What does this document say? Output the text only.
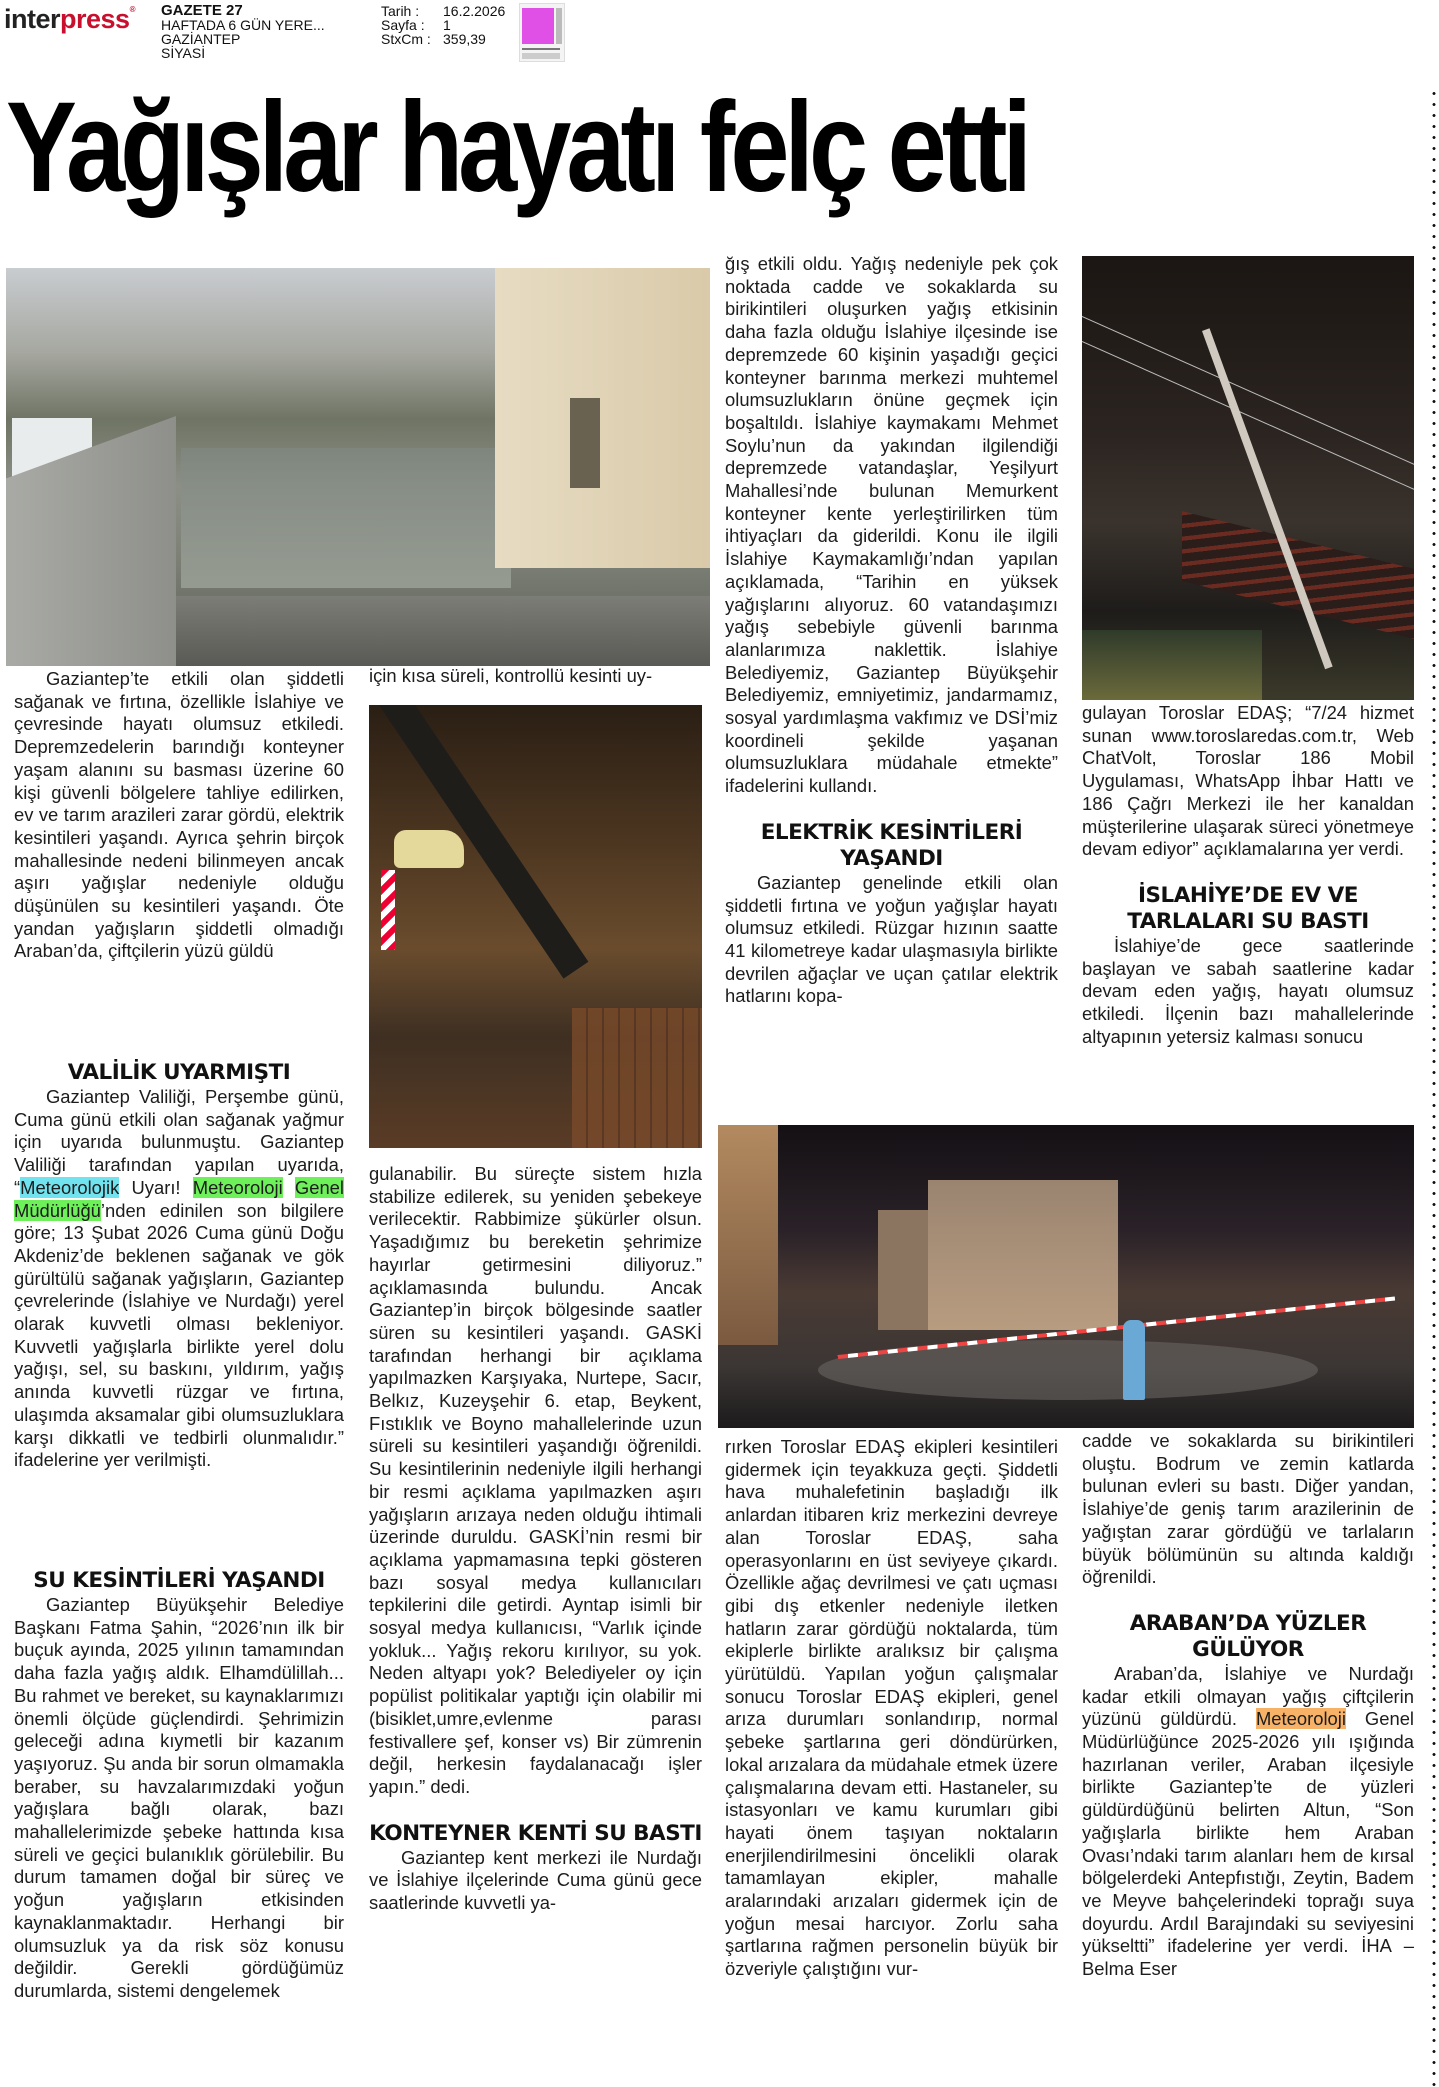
interpress® GAZETE 27
HAFTADA 6 GÜN YERE...
GAZİANTEP
SİYASİ
Tarih :	16.2.2026
Sayfa :	1
StxCm : 359,39
Yağışlar hayatı felç etti

Gaziantep’te etkili olan şiddetli sağanak ve fırtına, özellikle İslahiye ve çevresinde hayatı olumsuz etkiledi. Depremzedelerin barındığı konteyner yaşam alanını su basması üzerine 60 kişi güvenli bölgelere tahliye edilirken, ev ve tarım arazileri zarar gördü, elektrik kesintileri yaşandı. Ayrıca şehrin birçok mahallesinde nedeni bilinmeyen ancak aşırı yağışlar nedeniyle olduğu düşünülen su kesintileri yaşandı. Öte yandan yağışların şiddetli olmadığı Araban’da, çiftçilerin yüzü güldü

VALİLİK UYARMIŞTI

Gaziantep Valiliği, Perşembe günü, Cuma günü etkili olan sağanak yağmur için uyarıda bulunmuştu. Gaziantep Valiliği tarafından yapılan uyarıda, “Meteorolojik Uyarı! Meteoroloji Genel Müdürlüğü’nden edinilen son bilgilere göre; 13 Şubat 2026 Cuma günü Doğu Akdeniz’de beklenen sağanak ve gök gürültülü sağanak yağışların, Gaziantep çevrelerinde (İslahiye ve Nurdağı) yerel olarak kuvvetli olması bekleniyor. Kuvvetli yağışlarla birlikte yerel dolu yağışı, sel, su baskını, yıldırım, yağış anında kuvvetli rüzgar ve fırtına, ulaşımda aksamalar gibi olumsuzluklara karşı dikkatli ve tedbirli olunmalıdır.” ifadelerine yer verilmişti.

SU KESİNTİLERİ YAŞANDI

Gaziantep Büyükşehir Belediye Başkanı Fatma Şahin, “2026’nın ilk bir buçuk ayında, 2025 yılının tamamından daha fazla yağış aldık. Elhamdülillah... Bu rahmet ve bereket, su kaynaklarımızı önemli ölçüde güçlendirdi. Şehrimizin geleceği adına kıymetli bir kazanım yaşıyoruz. Şu anda bir sorun olmamakla beraber, su havzalarımızdaki yoğun yağışlara bağlı olarak, bazı mahallelerimizde şebeke hattında kısa süreli ve geçici bulanıklık görülebilir. Bu durum tamamen doğal bir süreç ve yoğun yağışların etkisinden kaynaklanmaktadır. Herhangi bir olumsuzluk ya da risk söz konusu değildir. Gerekli gördüğümüz durumlarda, sistemi dengelemek

için kısa süreli, kontrollü kesinti uy-

gulanabilir. Bu süreçte sistem hızla stabilize edilerek, su yeniden şebekeye verilecektir. Rabbimize şükürler olsun. Yaşadığımız bu bereketin şehrimize hayırlar getirmesini diliyoruz.” açıklamasında bulundu. Ancak Gaziantep’in birçok bölgesinde saatler süren su kesintileri yaşandı. GASKİ tarafından herhangi bir açıklama yapılmazken Karşıyaka, Nurtepe, Sacır, Belkız, Kuzeyşehir 6. etap, Beykent, Fıstıklık ve Boyno mahallelerinde uzun süreli su kesintileri yaşandığı öğrenildi. Su kesintilerinin nedeniyle ilgili herhangi bir resmi açıklama yapılmazken aşırı yağışların arızaya neden olduğu ihtimali üzerinde duruldu. GASKİ’nin resmi bir açıklama yapmamasına tepki gösteren bazı sosyal medya kullanıcıları tepkilerini dile getirdi. Ayntap isimli bir sosyal medya kullanıcısı, “Varlık içinde yokluk... Yağış rekoru kırılıyor, su yok. Neden altyapı yok? Belediyeler oy için popülist politikalar yaptığı için olabilir mi (bisiklet,umre,evlenme parası festivallere şef, konser vs) Bir zümrenin değil, herkesin faydalanacağı işler yapın.” dedi.

KONTEYNER KENTİ SU BASTI

Gaziantep kent merkezi ile Nurdağı ve İslahiye ilçelerinde Cuma günü gece saatlerinde kuvvetli ya-

ğış etkili oldu. Yağış nedeniyle pek çok noktada cadde ve sokaklarda su birikintileri oluşurken yağış etkisinin daha fazla olduğu İslahiye ilçesinde ise depremzede 60 kişinin yaşadığı geçici konteyner barınma merkezi muhtemel olumsuzlukların önüne geçmek için boşaltıldı. İslahiye kaymakamı Mehmet Soylu’nun da yakından ilgilendiği depremzede vatandaşlar, Yeşilyurt Mahallesi’nde bulunan Memurkent konteyner kente yerleştirilirken tüm ihtiyaçları da giderildi. Konu ile ilgili İslahiye Kaymakamlığı’ndan yapılan açıklamada, “Tarihin en yüksek yağışlarını alıyoruz. 60 vatandaşımızı yağış sebebiyle güvenli barınma alanlarımıza naklettik. İslahiye Belediyemiz, Gaziantep Büyükşehir Belediyemiz, emniyetimiz, jandarmamız, sosyal yardımlaşma vakfımız ve DSİ’miz koordineli şekilde yaşanan olumsuzluklara müdahale etmekte” ifadelerini kullandı.

ELEKTRİK KESİNTİLERİ YAŞANDI

Gaziantep genelinde etkili olan şiddetli fırtına ve yoğun yağışlar hayatı olumsuz etkiledi. Rüzgar hızının saatte 41 kilometreye kadar ulaşmasıyla birlikte devrilen ağaçlar ve uçan çatılar elektrik hatlarını kopa-

rırken Toroslar EDAŞ ekipleri kesintileri gidermek için teyakkuza geçti. Şiddetli hava muhalefetinin başladığı ilk anlardan itibaren kriz merkezini devreye alan Toroslar EDAŞ, saha operasyonlarını en üst seviyeye çıkardı. Özellikle ağaç devrilmesi ve çatı uçması gibi dış etkenler nedeniyle iletken hatların zarar gördüğü noktalarda, tüm ekiplerle birlikte aralıksız bir çalışma yürütüldü. Yapılan yoğun çalışmalar sonucu Toroslar EDAŞ ekipleri, genel arıza durumları sonlandırıp, normal şebeke şartlarına geri döndürürken, lokal arızalara da müdahale etmek üzere çalışmalarına devam etti. Hastaneler, su istasyonları ve kamu kurumları gibi hayati önem taşıyan noktaların enerjilendirilmesini öncelikli olarak tamamlayan ekipler, mahalle aralarındaki arızaları gidermek için de yoğun mesai harcıyor. Zorlu saha şartlarına rağmen personelin büyük bir özveriyle çalıştığını vur-

gulayan Toroslar EDAŞ; “7/24 hizmet sunan www.toroslaredas.com.tr, Web ChatVolt, Toroslar 186 Mobil Uygulaması, WhatsApp İhbar Hattı ve 186 Çağrı Merkezi ile her kanaldan müşterilerine ulaşarak süreci yönetmeye devam ediyor” açıklamalarına yer verdi.

İSLAHİYE’DE EV VE TARLALARI SU BASTI

İslahiye’de gece saatlerinde başlayan ve sabah saatlerine kadar devam eden yağış, hayatı olumsuz etkiledi. İlçenin bazı mahallelerinde altyapının yetersiz kalması sonucu

cadde ve sokaklarda su birikintileri oluştu. Bodrum ve zemin katlarda bulunan evleri su bastı. Diğer yandan, İslahiye’de geniş tarım arazilerinin de yağıştan zarar gördüğü ve tarlaların büyük bölümünün su altında kaldığı öğrenildi.

ARABAN’DA YÜZLER GÜLÜYOR

Araban’da, İslahiye ve Nurdağı kadar etkili olmayan yağış çiftçilerin yüzünü güldürdü. Meteoroloji Genel Müdürlüğünce 2025-2026 yılı ışığında hazırlanan veriler, Araban ilçesiyle birlikte Gaziantep’te de yüzleri güldürdüğünü belirten Altun, “Son yağışlarla birlikte hem Araban Ovası’ndaki tarım alanları hem de kırsal bölgelerdeki Antepfıstığı, Zeytin, Badem ve Meyve bahçelerindeki toprağı suya doyurdu. Ardıl Barajındaki su seviyesini yükseltti” ifadelerine yer verdi. İHA – Belma Eser
